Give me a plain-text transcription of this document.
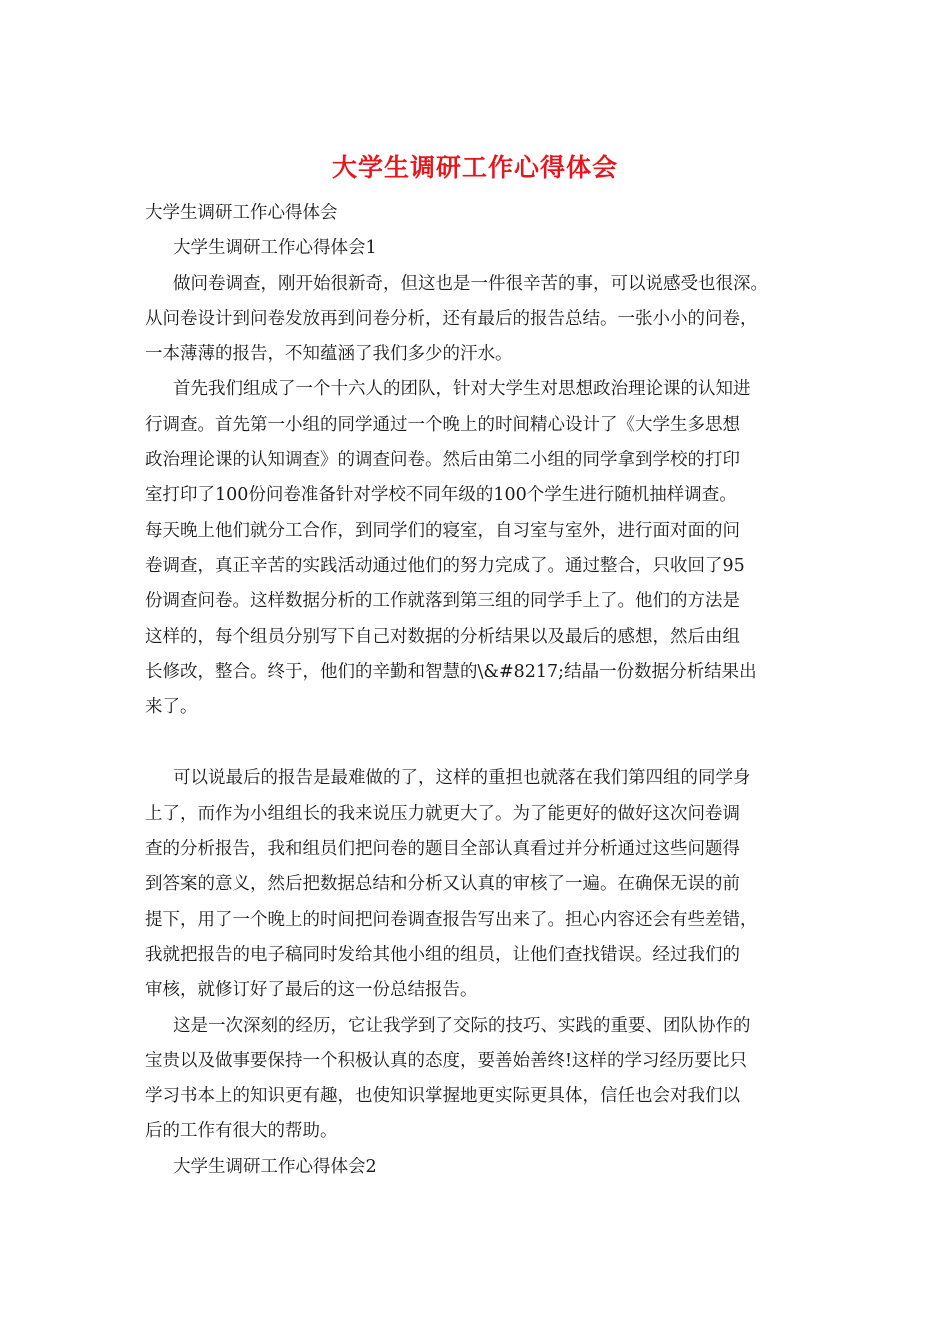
大学生调研工作心得体会
大学生调研工作心得体会
大学生调研工作心得体会1
做问卷调查，刚开始很新奇，但这也是一件很辛苦的事，可以说感受也很深。
从问卷设计到问卷发放再到问卷分析，还有最后的报告总结。一张小小的问卷，
一本薄薄的报告，不知蕴涵了我们多少的汗水。
首先我们组成了一个十六人的团队，针对大学生对思想政治理论课的认知进
行调查。首先第一小组的同学通过一个晚上的时间精心设计了《大学生多思想
政治理论课的认知调查》的调查问卷。然后由第二小组的同学拿到学校的打印
室打印了100份问卷准备针对学校不同年级的100个学生进行随机抽样调查。
每天晚上他们就分工合作，到同学们的寝室，自习室与室外，进行面对面的问
卷调查，真正辛苦的实践活动通过他们的努力完成了。通过整合，只收回了95
份调查问卷。这样数据分析的工作就落到第三组的同学手上了。他们的方法是
这样的，每个组员分别写下自己对数据的分析结果以及最后的感想，然后由组
长修改，整合。终于，他们的辛勤和智慧的\&#8217;结晶一份数据分析结果出
来了。
可以说最后的报告是最难做的了，这样的重担也就落在我们第四组的同学身
上了，而作为小组组长的我来说压力就更大了。为了能更好的做好这次问卷调
查的分析报告，我和组员们把问卷的题目全部认真看过并分析通过这些问题得
到答案的意义，然后把数据总结和分析又认真的审核了一遍。在确保无误的前
提下，用了一个晚上的时间把问卷调查报告写出来了。担心内容还会有些差错，
我就把报告的电子稿同时发给其他小组的组员，让他们查找错误。经过我们的
审核，就修订好了最后的这一份总结报告。
这是一次深刻的经历，它让我学到了交际的技巧、实践的重要、团队协作的
宝贵以及做事要保持一个积极认真的态度，要善始善终!这样的学习经历要比只
学习书本上的知识更有趣，也使知识掌握地更实际更具体，信任也会对我们以
后的工作有很大的帮助。
大学生调研工作心得体会2
